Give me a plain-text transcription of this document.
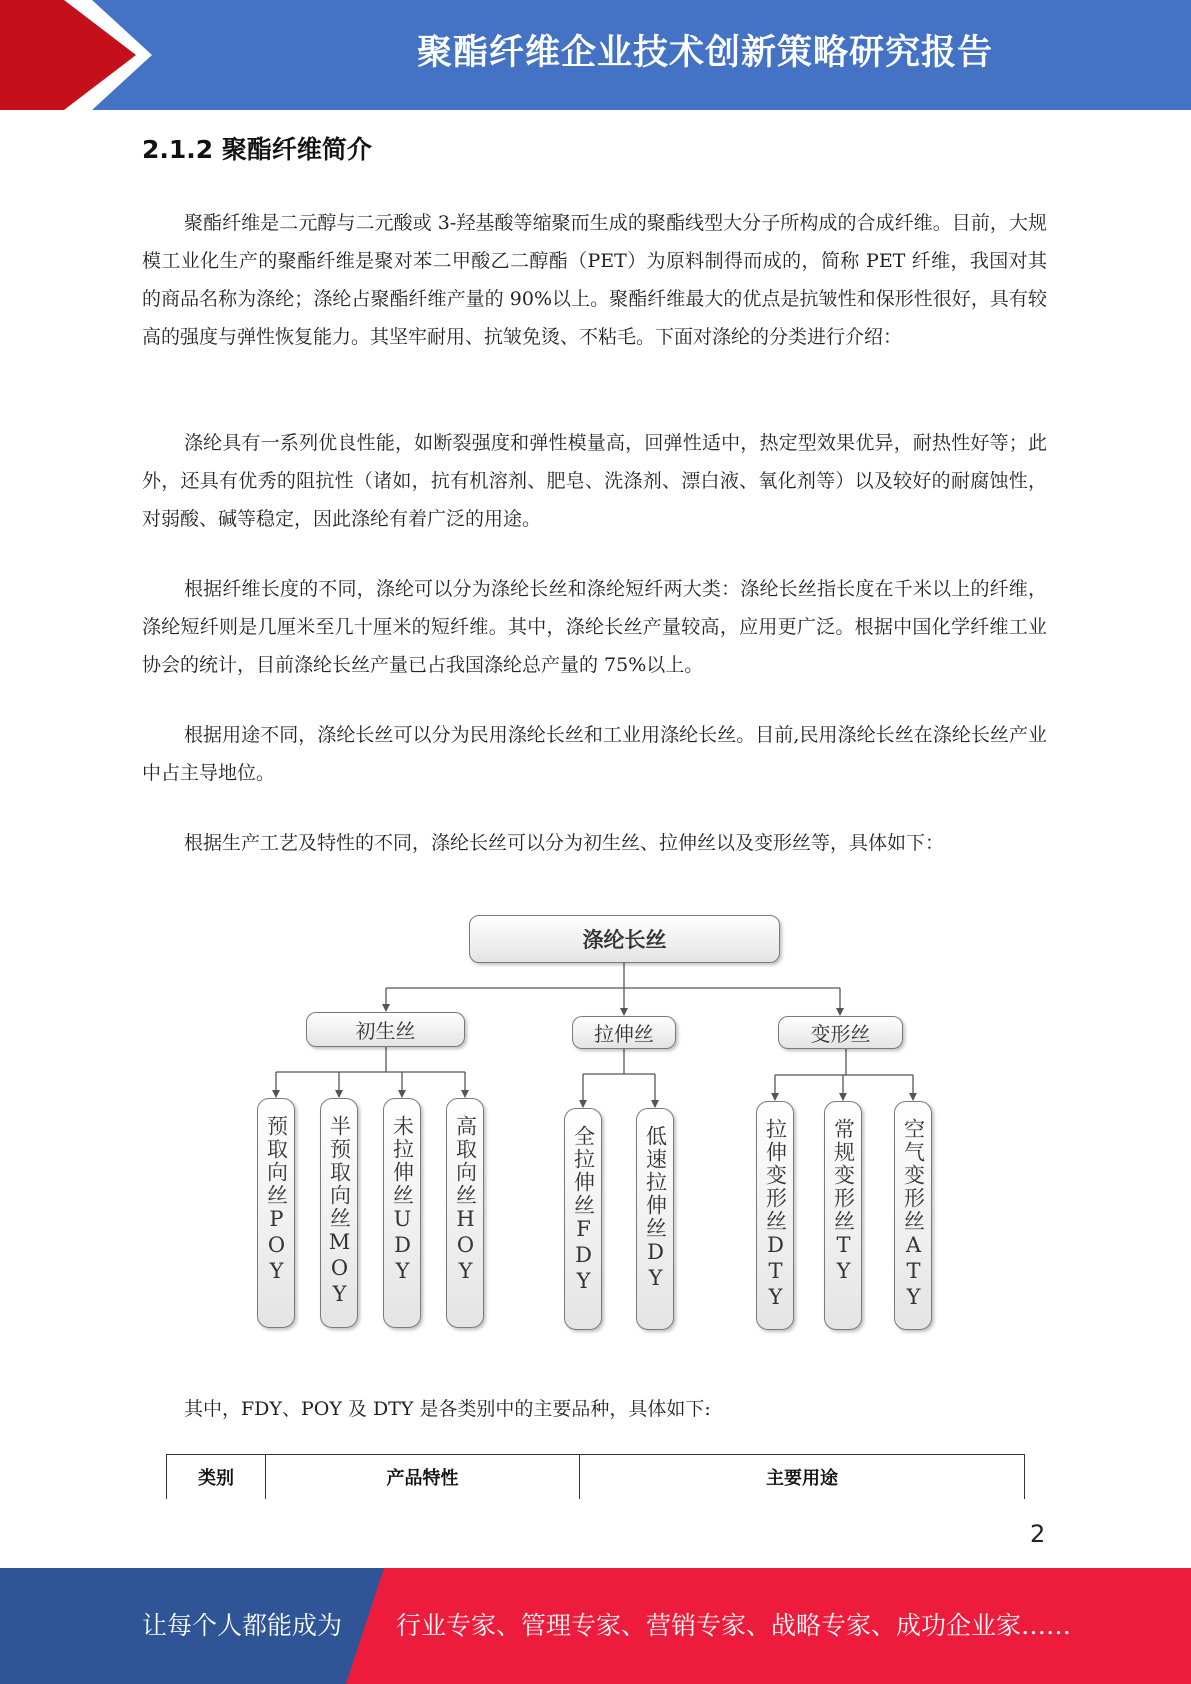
聚酯纤维企业技术创新策略研究报告
2.1.2 聚酯纤维简介

聚酯纤维是二元醇与二元酸或 3-羟基酸等缩聚而生成的聚酯线型大分子所构成的合成纤维。目前，大规模工业化生产的聚酯纤维是聚对苯二甲酸乙二醇酯（PET）为原料制得而成的，简称 PET 纤维，我国对其的商品名称为涤纶；涤纶占聚酯纤维产量的 90%以上。聚酯纤维最大的优点是抗皱性和保形性很好，具有较高的强度与弹性恢复能力。其坚牢耐用、抗皱免烫、不粘毛。下面对涤纶的分类进行介绍：

涤纶具有一系列优良性能，如断裂强度和弹性模量高，回弹性适中，热定型效果优异，耐热性好等；此外，还具有优秀的阻抗性（诸如，抗有机溶剂、肥皂、洗涤剂、漂白液、氧化剂等）以及较好的耐腐蚀性，对弱酸、碱等稳定，因此涤纶有着广泛的用途。

根据纤维长度的不同，涤纶可以分为涤纶长丝和涤纶短纤两大类：涤纶长丝指长度在千米以上的纤维，涤纶短纤则是几厘米至几十厘米的短纤维。其中，涤纶长丝产量较高，应用更广泛。根据中国化学纤维工业协会的统计，目前涤纶长丝产量已占我国涤纶总产量的 75%以上。

根据用途不同，涤纶长丝可以分为民用涤纶长丝和工业用涤纶长丝。目前,民用涤纶长丝在涤纶长丝产业中占主导地位。

根据生产工艺及特性的不同，涤纶长丝可以分为初生丝、拉伸丝以及变形丝等，具体如下：

涤纶长丝
初生丝	拉伸丝	变形丝
预取向丝POY 半预取向丝MOY 未拉伸丝UDY 高取向丝HOY	全拉伸丝FDY 低速拉伸丝DY	拉伸变形丝DTY 常规变形丝TY 空气变形丝ATY

其中，FDY、POY 及 DTY 是各类别中的主要品种，具体如下:

类别	产品特性	主要用途
2
让每个人都能成为 行业专家、管理专家、营销专家、战略专家、成功企业家……
